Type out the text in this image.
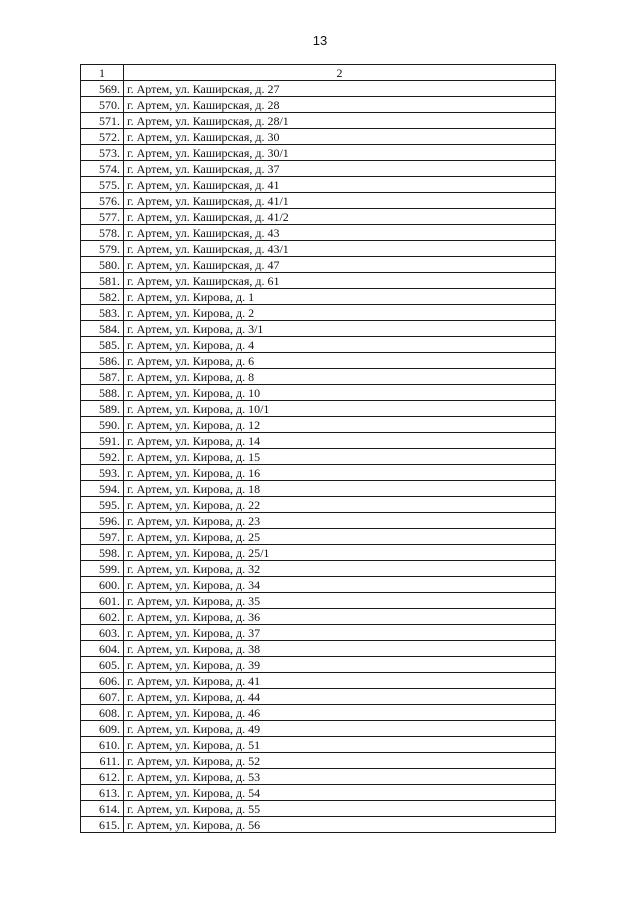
13
1	2
569.	г. Артем, ул. Каширская, д. 27
570.	г. Артем, ул. Каширская, д. 28
571.	г. Артем, ул. Каширская, д. 28/1
572.	г. Артем, ул. Каширская, д. 30
573.	г. Артем, ул. Каширская, д. 30/1
574.	г. Артем, ул. Каширская, д. 37
575.	г. Артем, ул. Каширская, д. 41
576.	г. Артем, ул. Каширская, д. 41/1
577.	г. Артем, ул. Каширская, д. 41/2
578.	г. Артем, ул. Каширская, д. 43
579.	г. Артем, ул. Каширская, д. 43/1
580.	г. Артем, ул. Каширская, д. 47
581.	г. Артем, ул. Каширская, д. 61
582.	г. Артем, ул. Кирова, д. 1
583.	г. Артем, ул. Кирова, д. 2
584.	г. Артем, ул. Кирова, д. 3/1
585.	г. Артем, ул. Кирова, д. 4
586.	г. Артем, ул. Кирова, д. 6
587.	г. Артем, ул. Кирова, д. 8
588.	г. Артем, ул. Кирова, д. 10
589.	г. Артем, ул. Кирова, д. 10/1
590.	г. Артем, ул. Кирова, д. 12
591.	г. Артем, ул. Кирова, д. 14
592.	г. Артем, ул. Кирова, д. 15
593.	г. Артем, ул. Кирова, д. 16
594.	г. Артем, ул. Кирова, д. 18
595.	г. Артем, ул. Кирова, д. 22
596.	г. Артем, ул. Кирова, д. 23
597.	г. Артем, ул. Кирова, д. 25
598.	г. Артем, ул. Кирова, д. 25/1
599.	г. Артем, ул. Кирова, д. 32
600.	г. Артем, ул. Кирова, д. 34
601.	г. Артем, ул. Кирова, д. 35
602.	г. Артем, ул. Кирова, д. 36
603.	г. Артем, ул. Кирова, д. 37
604.	г. Артем, ул. Кирова, д. 38
605.	г. Артем, ул. Кирова, д. 39
606.	г. Артем, ул. Кирова, д. 41
607.	г. Артем, ул. Кирова, д. 44
608.	г. Артем, ул. Кирова, д. 46
609.	г. Артем, ул. Кирова, д. 49
610.	г. Артем, ул. Кирова, д. 51
611.	г. Артем, ул. Кирова, д. 52
612.	г. Артем, ул. Кирова, д. 53
613.	г. Артем, ул. Кирова, д. 54
614.	г. Артем, ул. Кирова, д. 55
615.	г. Артем, ул. Кирова, д. 56
